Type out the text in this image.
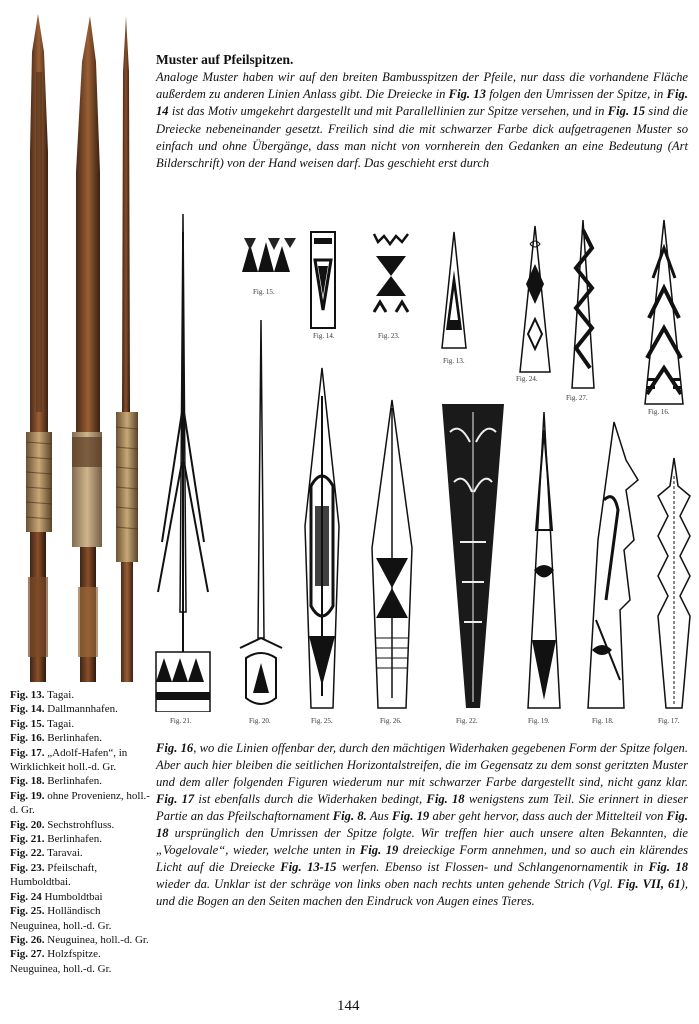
Muster auf Pfeilspitzen.

Analoge Muster haben wir auf den breiten Bambusspitzen der Pfeile, nur dass die vorhandene Fläche außerdem zu anderen Linien Anlass gibt. Die Dreiecke in Fig. 13 folgen den Umrissen der Spitze, in Fig. 14 ist das Motiv umgekehrt dargestellt und mit Parallellinien zur Spitze versehen, und in Fig. 15 sind die Dreiecke nebeneinander gesetzt. Freilich sind die mit schwarzer Farbe dick aufgetragenen Muster so einfach und ohne Übergänge, dass man nicht von vornherein den Gedanken an eine Bedeutung (Art Bilderschrift) von der Hand weisen darf. Das geschieht erst durch

Fig. 15.
Fig. 14.	Fig. 23.
Fig. 13.
Fig. 24.
Fig. 27.
Fig. 16.
Fig. 21.	Fig. 20.	Fig. 25.	Fig. 26.	Fig. 22.	Fig. 19.	Fig. 18.	Fig. 17.
Fig. 13. Tagai.
Fig. 14. Dallmannhafen.
Fig. 15. Tagai.
Fig. 16. Berlinhafen.
Fig. 17. „Adolf-Hafen“, in Wirklichkeit holl.-d. Gr.
Fig. 18. Berlinhafen.
Fig. 19. ohne Provenienz, holl.-d. Gr.
Fig. 20. Sechstrohfluss.
Fig. 21. Berlinhafen.
Fig. 22. Taravai.
Fig. 23. Pfeilschaft, Humboldtbai.
Fig. 24 Humboldtbai
Fig. 25. Holländisch Neuguinea, holl.-d. Gr.
Fig. 26. Neuguinea, holl.-d. Gr.
Fig. 27. Holzfspitze. Neuguinea, holl.-d. Gr.

Fig. 16, wo die Linien offenbar der, durch den mächtigen Widerhaken gegebenen Form der Spitze folgen. Aber auch hier bleiben die seitlichen Horizontalstreifen, die im Gegensatz zu dem sonst geritzten Muster und dem aller folgenden Figuren wiederum nur mit schwarzer Farbe dargestellt sind, nicht ganz klar. Fig. 17 ist ebenfalls durch die Widerhaken bedingt, Fig. 18 wenigstens zum Teil. Sie erinnert in dieser Partie an das Pfeilschaftornament Fig. 8. Aus Fig. 19 aber geht hervor, dass auch der Mittelteil von Fig. 18 ursprünglich den Umrissen der Spitze folgte. Wir treffen hier auch unsere alten Bekannten, die „Vogelovale“, wieder, welche unten in Fig. 19 dreieckige Form annehmen, und so auch ein klärendes Licht auf die Dreiecke Fig. 13-15 werfen. Ebenso ist Flossen- und Schlangenornamentik in Fig. 18 wieder da. Unklar ist der schräge von links oben nach rechts unten gehende Strich (Vgl. Fig. VII, 61), und die Bogen an den Seiten machen den Eindruck von Augen eines Tieres.

144
